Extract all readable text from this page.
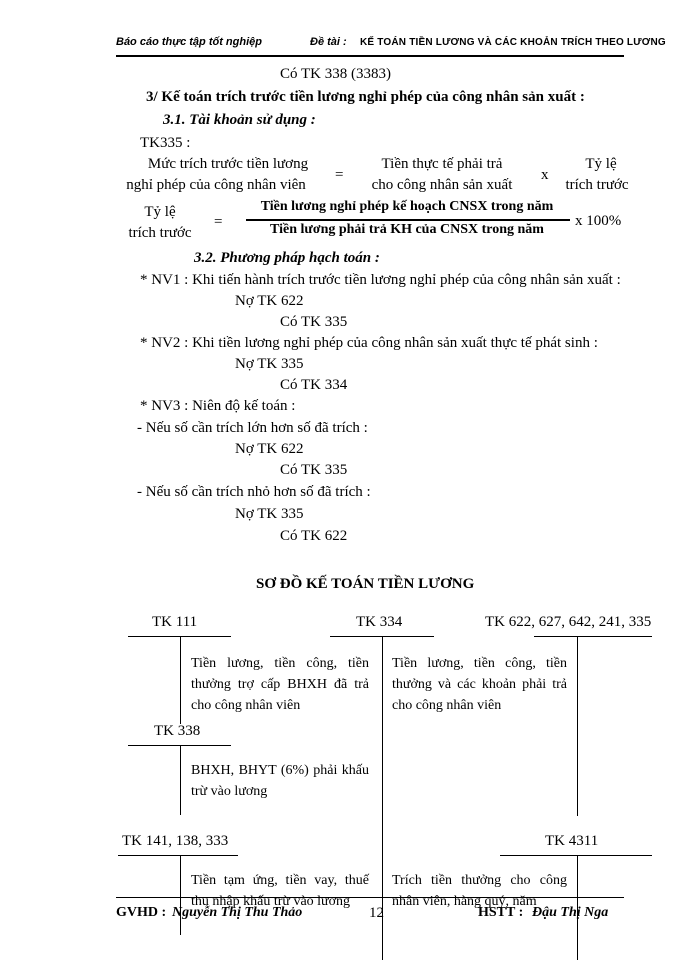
Báo cáo thực tập tốt nghiệp	Đề tài : KẾ TOÁN TIỀN LƯƠNG VÀ CÁC KHOẢN TRÍCH THEO LƯƠNG
Có TK 338 (3383)
3/ Kế toán trích trước tiền lương nghỉ phép của công nhân sản xuất :
3.1. Tài khoản sử dụng :
TK335 :
Mức trích trước tiền lương
nghỉ phép của công nhân viên
=
Tiền thực tế phải trả
cho công nhân sản xuất
x
Tỷ lệ
trích trước
Tỷ lệ
trích trước
=
Tiền lương nghỉ phép kế hoạch CNSX trong năm
Tiền lương phải trả KH của CNSX trong năm
x 100%
3.2. Phương pháp hạch toán :
* NV1 : Khi tiến hành trích trước tiền lương nghỉ phép của công nhân sản xuất :
Nợ TK 622
Có TK 335
* NV2 : Khi tiền lương nghỉ phép của công nhân sản xuất thực tế phát sinh :
Nợ TK 335
Có TK 334
* NV3 : Niên độ kế toán :
- Nếu số cần trích lớn hơn số đã trích :
Nợ TK 622
Có TK 335
- Nếu số cần trích nhỏ hơn số đã trích :
Nợ TK 335
Có TK 622
SƠ ĐỒ KẾ TOÁN TIỀN LƯƠNG
TK 111	TK 334	TK 622, 627, 642, 241, 335
Tiền lương, tiền công, tiền thưởng trợ cấp BHXH đã trả cho công nhân viên
Tiền lương, tiền công, tiền thưởng và các khoản phải trả cho công nhân viên
TK 338
BHXH, BHYT (6%) phải khấu trừ vào lương
TK 141, 138, 333	TK 4311
Tiền tạm ứng, tiền vay, thuế thu nhập khấu trừ vào lương
Trích tiền thưởng cho công nhân viên, hàng quý, năm
GVHD : Nguyễn Thị Thu Thảo	12	HSTT : Đậu Thị Nga
